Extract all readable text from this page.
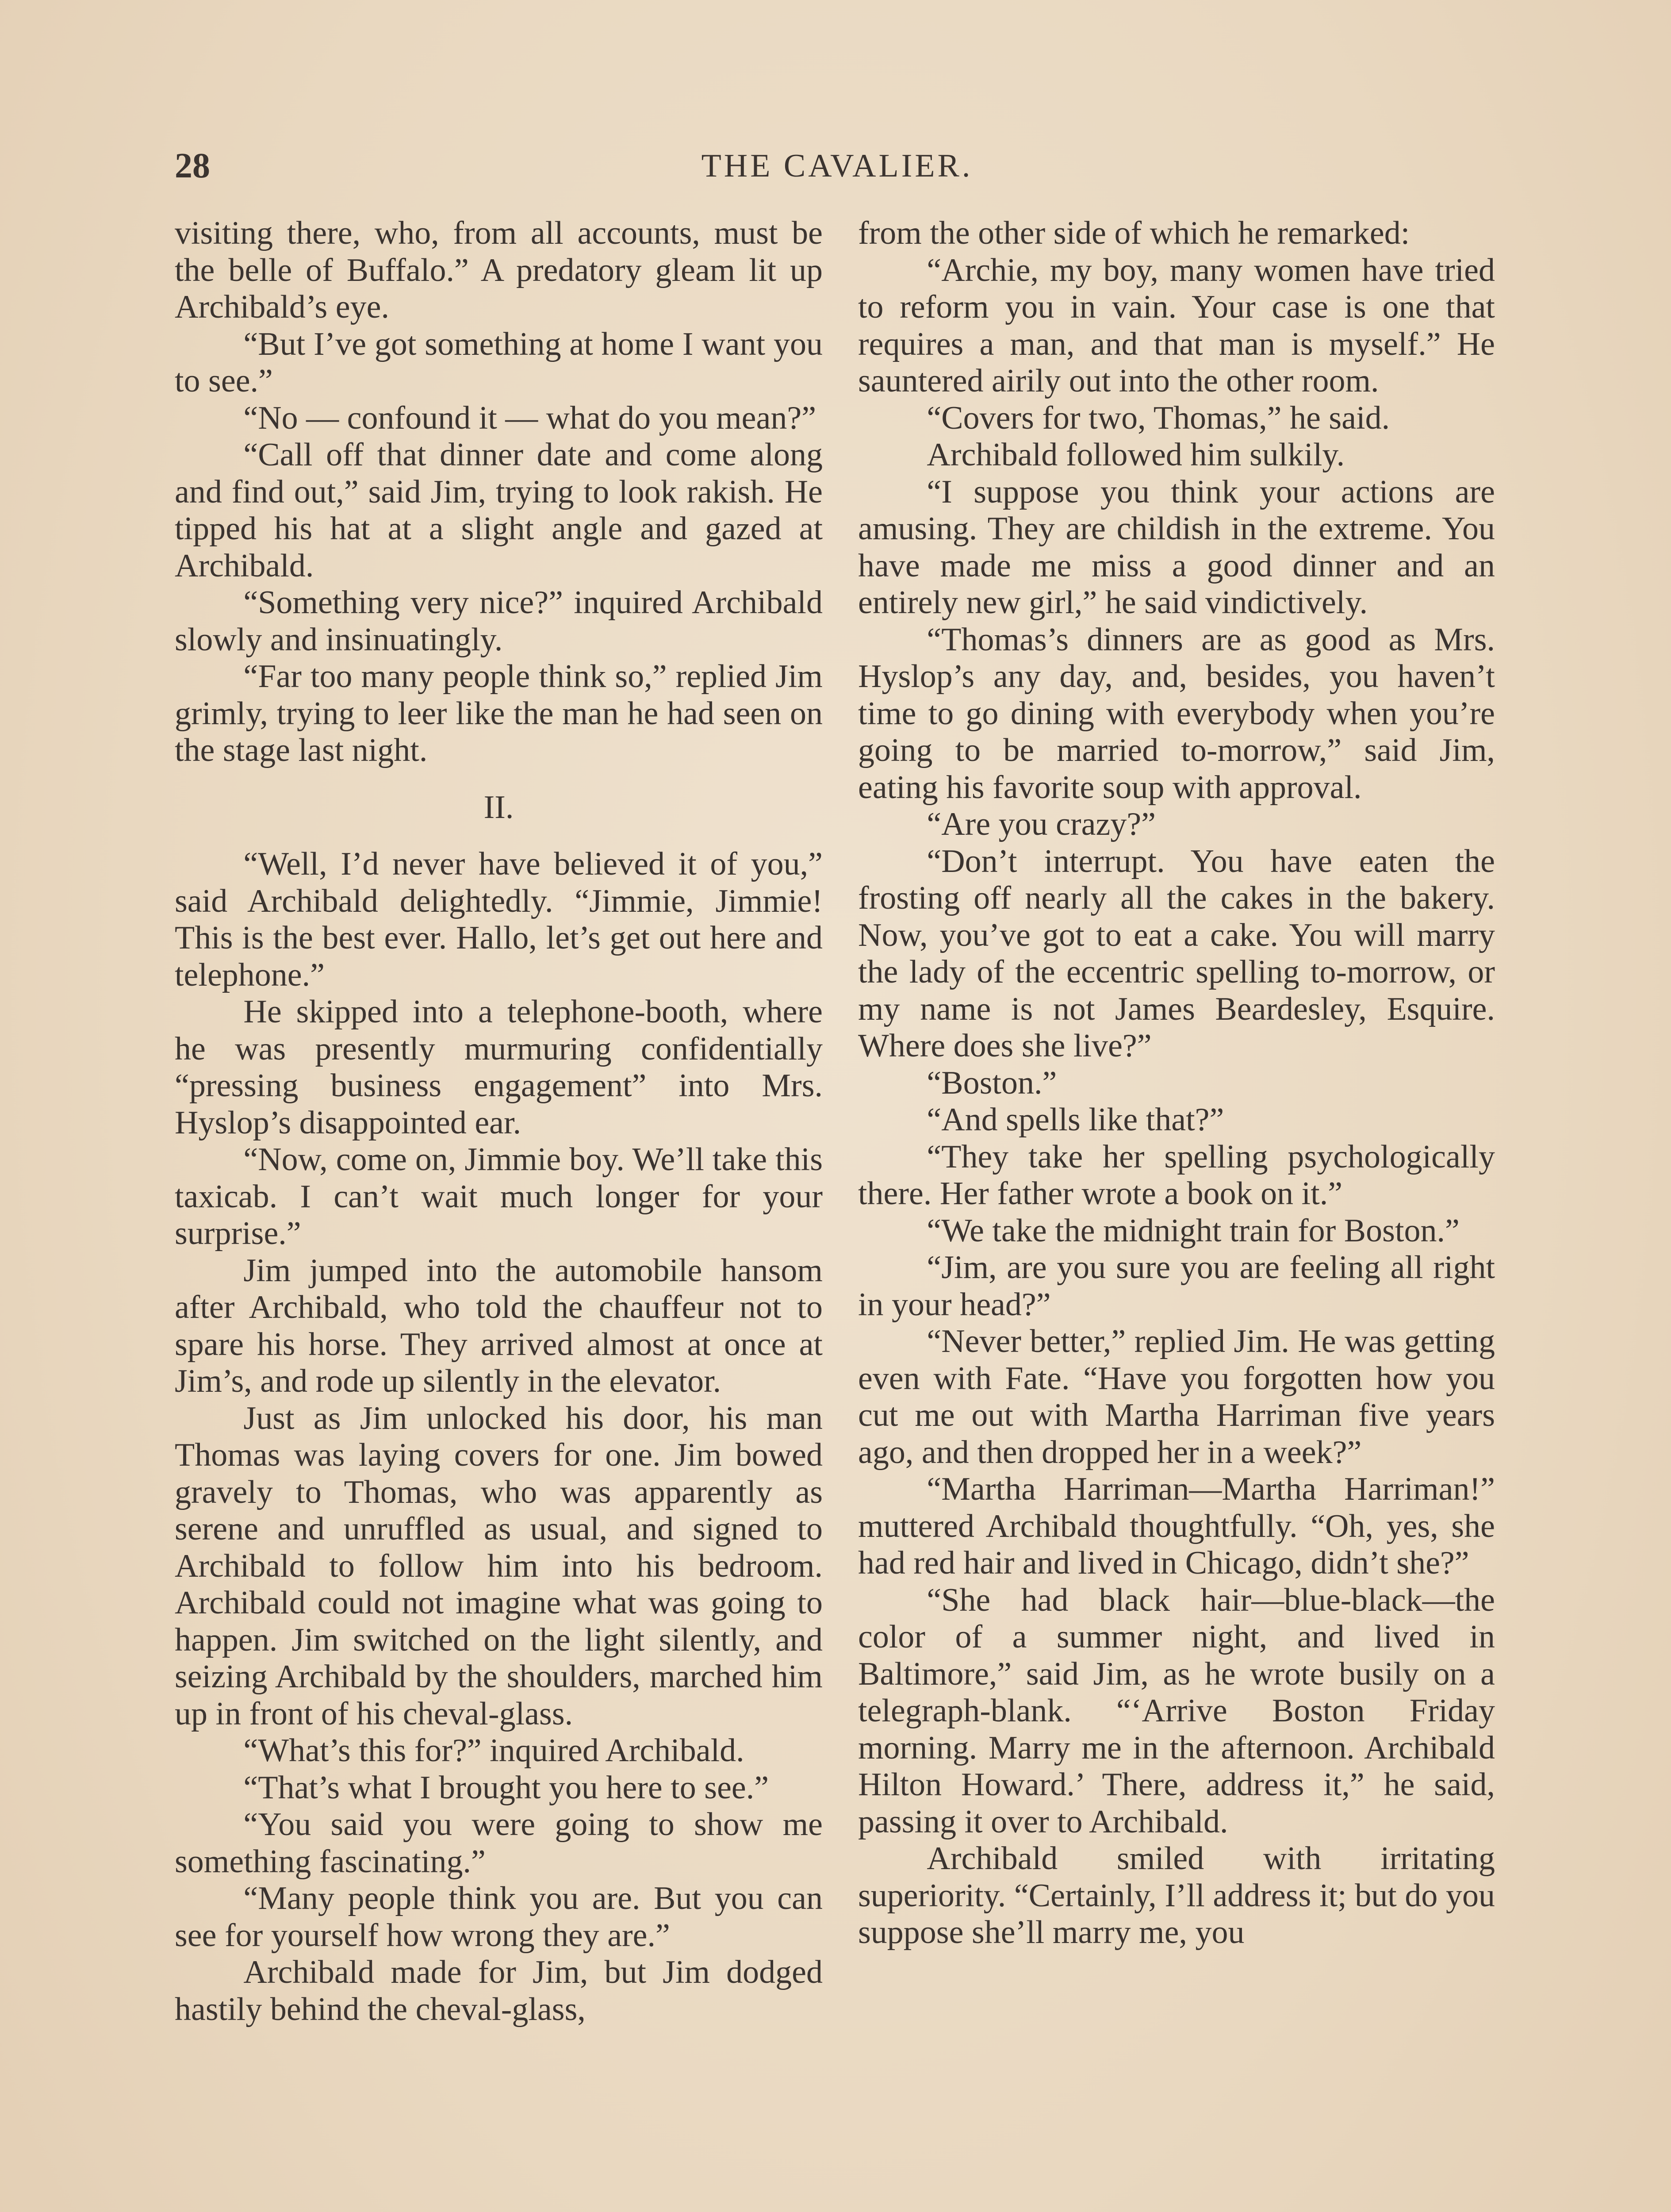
28	THE CAVALIER.

visiting there, who, from all accounts, must be the belle of Buffalo.” A predatory gleam lit up Archibald’s eye.

“But I’ve got something at home I want you to see.”

“No — confound it — what do you mean?”

“Call off that dinner date and come along and find out,” said Jim, trying to look rakish. He tipped his hat at a slight angle and gazed at Archibald.

“Something very nice?” inquired Archibald slowly and insinuatingly.

“Far too many people think so,” replied Jim grimly, trying to leer like the man he had seen on the stage last night.

II.

“Well, I’d never have believed it of you,” said Archibald delightedly. “Jimmie, Jimmie! This is the best ever. Hallo, let’s get out here and telephone.”

He skipped into a telephone-booth, where he was presently murmuring confidentially “pressing business engagement” into Mrs. Hyslop’s disappointed ear.

“Now, come on, Jimmie boy. We’ll take this taxicab. I can’t wait much longer for your surprise.”

Jim jumped into the automobile hansom after Archibald, who told the chauffeur not to spare his horse. They arrived almost at once at Jim’s, and rode up silently in the elevator.

Just as Jim unlocked his door, his man Thomas was laying covers for one. Jim bowed gravely to Thomas, who was apparently as serene and unruffled as usual, and signed to Archibald to follow him into his bedroom. Archibald could not imagine what was going to happen. Jim switched on the light silently, and seizing Archibald by the shoulders, marched him up in front of his cheval-glass.

“What’s this for?” inquired Archibald.

“That’s what I brought you here to see.”

“You said you were going to show me something fascinating.”

“Many people think you are. But you can see for yourself how wrong they are.”

Archibald made for Jim, but Jim dodged hastily behind the cheval-glass,

from the other side of which he remarked:

“Archie, my boy, many women have tried to reform you in vain. Your case is one that requires a man, and that man is myself.” He sauntered airily out into the other room.

“Covers for two, Thomas,” he said.

Archibald followed him sulkily.

“I suppose you think your actions are amusing. They are childish in the extreme. You have made me miss a good dinner and an entirely new girl,” he said vindictively.

“Thomas’s dinners are as good as Mrs. Hyslop’s any day, and, besides, you haven’t time to go dining with everybody when you’re going to be married to-morrow,” said Jim, eating his favorite soup with approval.

“Are you crazy?”

“Don’t interrupt. You have eaten the frosting off nearly all the cakes in the bakery. Now, you’ve got to eat a cake. You will marry the lady of the eccentric spelling to-morrow, or my name is not James Beardesley, Esquire. Where does she live?”

“Boston.”

“And spells like that?”

“They take her spelling psychologically there. Her father wrote a book on it.”

“We take the midnight train for Boston.”

“Jim, are you sure you are feeling all right in your head?”

“Never better,” replied Jim. He was getting even with Fate. “Have you forgotten how you cut me out with Martha Harriman five years ago, and then dropped her in a week?”

“Martha Harriman—Martha Harriman!” muttered Archibald thoughtfully. “Oh, yes, she had red hair and lived in Chicago, didn’t she?”

“She had black hair—blue-black—the color of a summer night, and lived in Baltimore,” said Jim, as he wrote busily on a telegraph-blank. “‘Arrive Boston Friday morning. Marry me in the afternoon. Archibald Hilton Howard.’ There, address it,” he said, passing it over to Archibald.

Archibald smiled with irritating superiority. “Certainly, I’ll address it; but do you suppose she’ll marry me, you
